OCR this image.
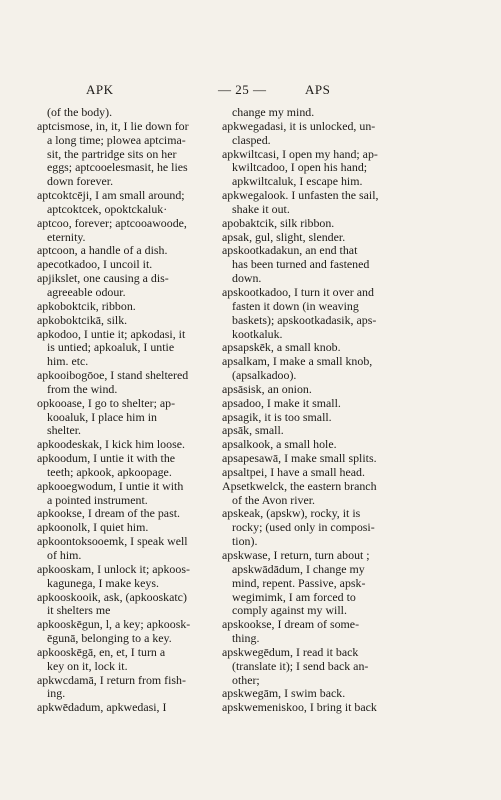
APK	— 25 —	APS
(of the body).
aptcismose, in, it, I lie down for
a long time; plowea aptcima-
sit, the partridge sits on her
eggs; aptcooelesmasit, he lies
down forever.
aptcoktcēji, I am small around;
aptcoktcek, opoktckaluk·
aptcoo, forever; aptcooawoode,
eternity.
aptcoon, a handle of a dish.
apecotkadoo, I uncoil it.
apjikslet, one causing a dis-
agreeable odour.
apkoboktcik, ribbon.
apkoboktcikā, silk.
apkodoo, I untie it; apkodasi, it
is untied; apkoaluk, I untie
him. etc.
apkooibogōoe, I stand sheltered
from the wind.
opkooase, I go to shelter; ap-
kooaluk, I place him in
shelter.
apkoodeskak, I kick him loose.
apkoodum, I untie it with the
teeth; apkook, apkoopage.
apkooegwodum, I untie it with
a pointed instrument.
apkookse, I dream of the past.
apkoonolk, I quiet him.
apkoontoksooemk, I speak well
of him.
apkooskam, I unlock it; apkoos-
kagunega, I make keys.
apkooskooik, ask, (apkooskatc)
it shelters me
apkooskēgun, l, a key; apkoosk-
ēgunā, belonging to a key.
apkooskēgā, en, et, I turn a
key on it, lock it.
apkwcdamā, I return from fish-
ing.
apkwēdadum, apkwedasi, I
change my mind.
apkwegadasi, it is unlocked, un-
clasped.
apkwiltcasi, I open my hand; ap-
kwiltcadoo, I open his hand;
apkwiltcaluk, I escape him.
apkwegalook. I unfasten the sail,
shake it out.
apobaktcik, silk ribbon.
apsak, gul, slight, slender.
apskootkadakun, an end that
has been turned and fastened
down.
apskootkadoo, I turn it over and
fasten it down (in weaving
baskets); apskootkadasik, aps-
kootkaluk.
apsapskēk, a small knob.
apsalkam, I make a small knob,
(apsalkadoo).
apsāsisk, an onion.
apsadoo, I make it small.
apsagik, it is too small.
apsāk, small.
apsalkook, a small hole.
apsapesawā, I make small splits.
apsaltpei, I have a small head.
Apsetkwelck, the eastern branch
of the Avon river.
apskeak, (apskw), rocky, it is
rocky; (used only in composi-
tion).
apskwase, I return, turn about ;
apskwādādum, I change my
mind, repent. Passive, apsk-
wegimimk, I am forced to
comply against my will.
apskookse, I dream of some-
thing.
apskwegēdum, I read it back
(translate it); I send back an-
other;
apskwegām, I swim back.
apskwemeniskoo, I bring it back
